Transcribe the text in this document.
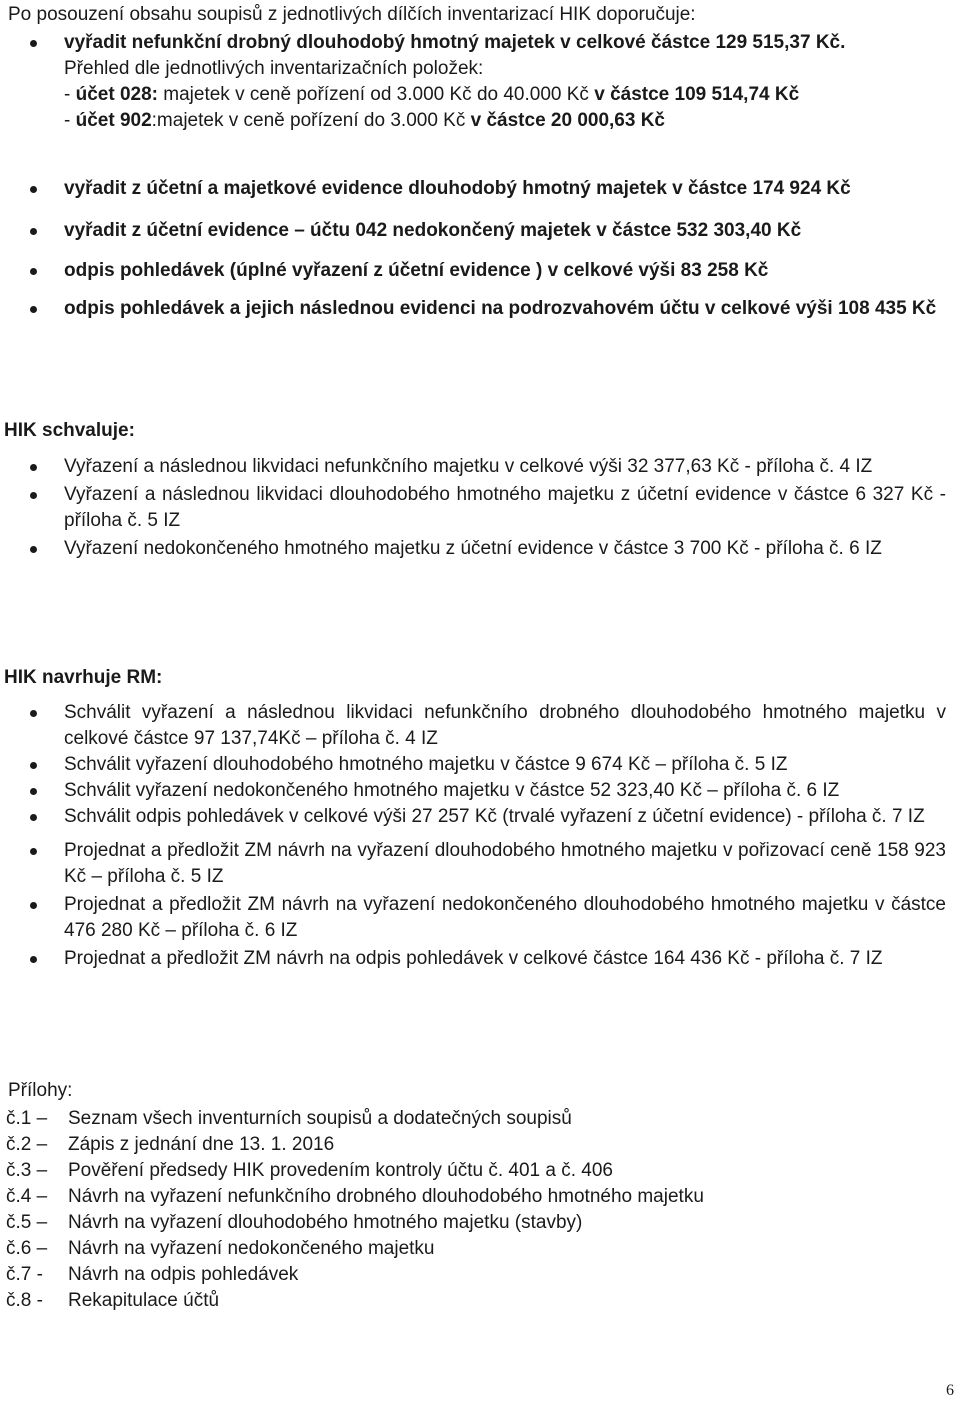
Po posouzení obsahu soupisů z jednotlivých dílčích inventarizací HIK doporučuje:
vyřadit nefunkční drobný dlouhodobý hmotný majetek v celkové částce 129 515,37 Kč.
Přehled dle jednotlivých inventarizačních položek:
- účet 028: majetek v ceně pořízení od 3.000 Kč do 40.000 Kč v částce 109 514,74 Kč
- účet 902:majetek v ceně pořízení do 3.000 Kč v částce 20 000,63 Kč
vyřadit z účetní a majetkové evidence dlouhodobý hmotný majetek v částce 174 924 Kč
vyřadit z účetní evidence – účtu 042 nedokončený majetek v částce 532 303,40 Kč
odpis pohledávek (úplné vyřazení z účetní evidence ) v celkové výši 83 258 Kč
odpis pohledávek a jejich následnou evidenci na podrozvahovém účtu v celkové výši 108 435 Kč
HIK schvaluje:
Vyřazení a následnou likvidaci nefunkčního majetku v celkové výši 32 377,63 Kč - příloha č. 4 IZ
Vyřazení a následnou likvidaci dlouhodobého hmotného majetku z účetní evidence v částce 6 327 Kč - příloha č. 5 IZ
Vyřazení nedokončeného hmotného majetku z účetní evidence v částce 3 700 Kč - příloha č. 6 IZ
HIK navrhuje RM:
Schválit vyřazení a následnou likvidaci nefunkčního drobného dlouhodobého hmotného majetku v celkové částce 97 137,74Kč – příloha č. 4 IZ
Schválit vyřazení dlouhodobého hmotného majetku v částce 9 674 Kč – příloha č. 5 IZ
Schválit vyřazení nedokončeného hmotného majetku v částce 52 323,40 Kč – příloha č. 6 IZ
Schválit odpis pohledávek v celkové výši 27 257 Kč (trvalé vyřazení z účetní evidence) - příloha č. 7 IZ
Projednat a předložit ZM návrh na vyřazení dlouhodobého hmotného majetku v pořizovací ceně 158 923 Kč – příloha č. 5 IZ
Projednat a předložit ZM návrh na vyřazení nedokončeného dlouhodobého hmotného majetku v částce 476 280 Kč – příloha č. 6 IZ
Projednat a předložit ZM návrh na odpis pohledávek v celkové částce 164 436 Kč - příloha č. 7 IZ
Přílohy:
č.1 – Seznam všech inventurních soupisů a dodatečných soupisů
č.2 – Zápis z jednání dne 13. 1. 2016
č.3 – Pověření předsedy HIK provedením kontroly účtu č. 401 a č. 406
č.4 – Návrh na vyřazení nefunkčního drobného dlouhodobého hmotného majetku
č.5 – Návrh na vyřazení dlouhodobého hmotného majetku (stavby)
č.6 – Návrh na vyřazení nedokončeného majetku
č.7 - Návrh na odpis pohledávek
č.8 - Rekapitulace účtů
6
